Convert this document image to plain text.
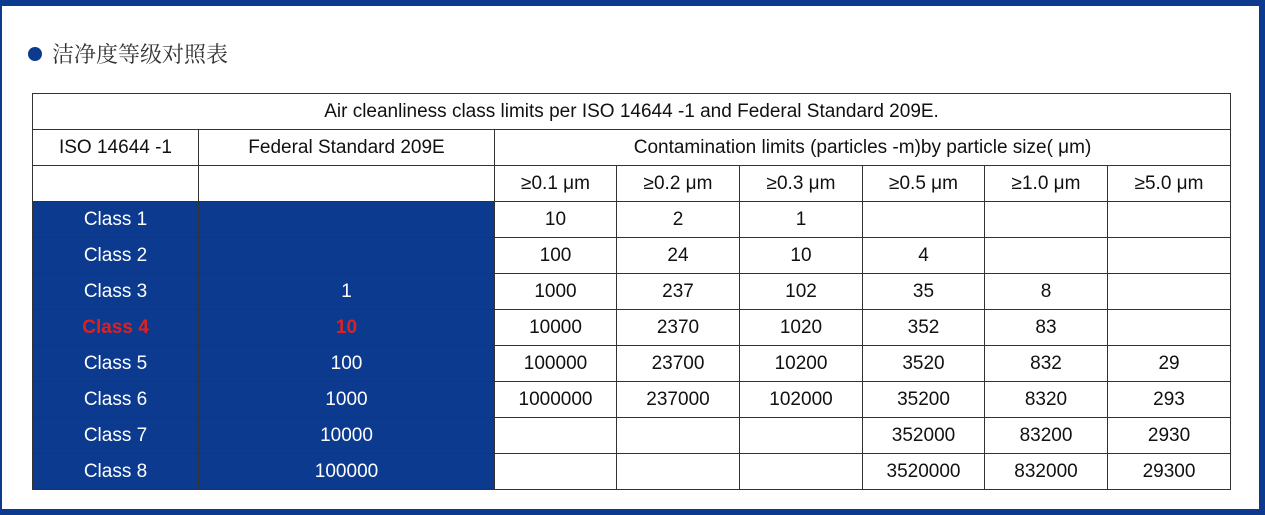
洁净度等级对照表
Air cleanliness class limits per ISO 14644 -1 and Federal Standard 209E.							
ISO 14644 -1	Federal Standard 209E	Contamination limits (particles -m)by particle size( μm)					
		≥0.1 μm	≥0.2 μm	≥0.3 μm	≥0.5 μm	≥1.0 μm	≥5.0 μm
Class 1		10	2	1			
Class 2		100	24	10	4		
Class 3	1	1000	237	102	35	8	
Class 4	10	10000	2370	1020	352	83	
Class 5	100	100000	23700	10200	3520	832	29
Class 6	1000	1000000	237000	102000	35200	8320	293
Class 7	10000				352000	83200	2930
Class 8	100000				3520000	832000	29300
